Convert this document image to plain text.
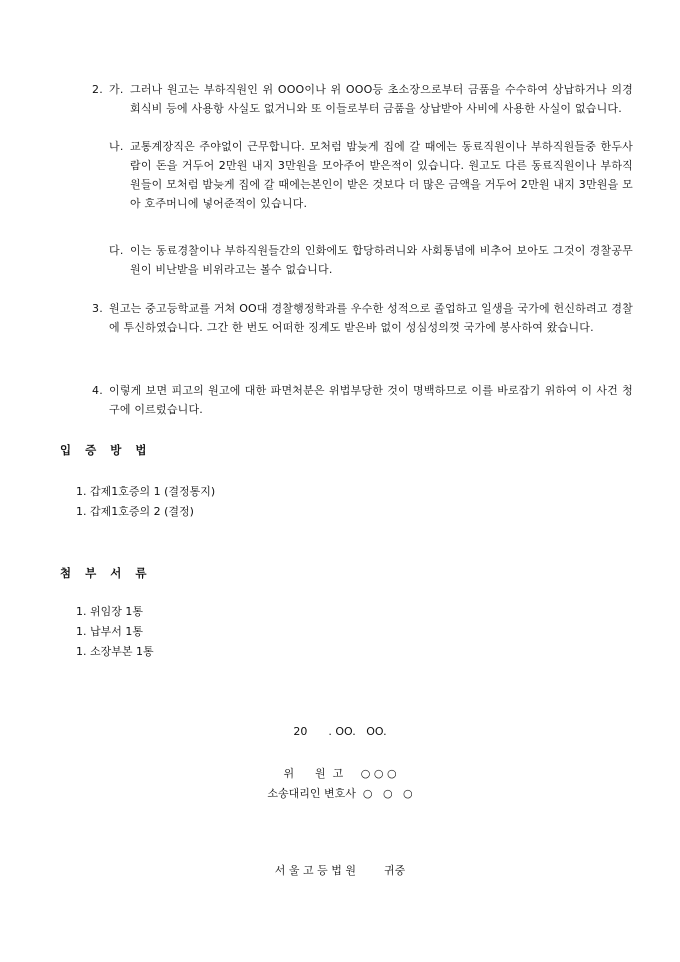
2. 가. 그러나 원고는 부하직원인 위 OOO이나 위 OOO등 초소장으로부터 금품을 수수하여 상납하거나 의경 회식비 등에 사용항 사실도 없거니와 또 이들로부터 금품을 상납받아 사비에 사용한 사실이 없습니다.
나. 교통계장직은 주야없이 근무합니다. 모처럼 밤늦게 집에 갈 때에는 동료직원이나 부하직원들중 한두사람이 돈을 거두어 2만원 내지 3만원을 모아주어 받은적이 있습니다. 원고도 다른 동료직원이나 부하직원들이 모처럼 밤늦게 집에 갈 때에는본인이 받은 것보다 더 많은 금액을 거두어 2만원 내지 3만원을 모아 호주머니에 넣어준적이 있습니다.
다. 이는 동료경찰이나 부하직원들간의 인화에도 합당하려니와 사회통념에 비추어 보아도 그것이 경찰공무원이 비난받을 비위라고는 볼수 없습니다.
3. 원고는 중고등학교를 거쳐 OO대 경찰행정학과를 우수한 성적으로 졸업하고 일생을 국가에 헌신하려고 경찰에 투신하였습니다. 그간 한 번도 어떠한 징계도 받은바 없이 성심성의껏 국가에 봉사하여 왔습니다.
4. 이렇게 보면 피고의 원고에 대한 파면처분은 위법부당한 것이 명백하므로 이를 바로잡기 위하여 이 사건 청구에 이르렀습니다.
입 증 방 법
1. 갑제1호증의 1 (결정통지)
1. 갑제1호증의 2 (결정)
첨 부 서 류
1. 위임장 1통
1. 납부서 1통
1. 소장부본 1통
20      . OO.   OO.
위      원  고     ○ ○ ○
소송대리인 변호사  ○   ○   ○
서 울 고 등 법 원        귀중
